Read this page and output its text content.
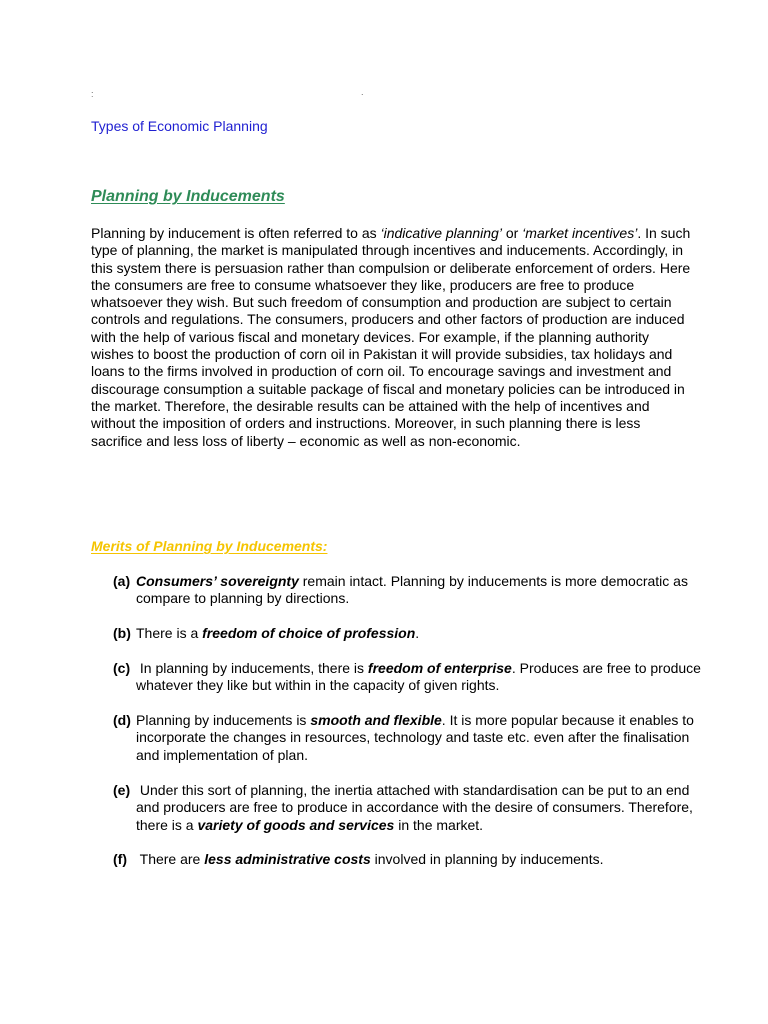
:	.
Types of Economic Planning
Planning by Inducements

Planning by inducement is often referred to as ‘indicative planning’ or ‘market incentives’. In such type of planning, the market is manipulated through incentives and inducements. Accordingly, in this system there is persuasion rather than compulsion or deliberate enforcement of orders. Here the consumers are free to consume whatsoever they like, producers are free to produce whatsoever they wish. But such freedom of consumption and production are subject to certain controls and regulations. The consumers, producers and other factors of production are induced with the help of various fiscal and monetary devices. For example, if the planning authority wishes to boost the production of corn oil in Pakistan it will provide subsidies, tax holidays and loans to the firms involved in production of corn oil. To encourage savings and investment and discourage consumption a suitable package of fiscal and monetary policies can be introduced in the market. Therefore, the desirable results can be attained with the help of incentives and without the imposition of orders and instructions. Moreover, in such planning there is less sacrifice and less loss of liberty – economic as well as non-economic.

Merits of Planning by Inducements:

(a) Consumers’ sovereignty remain intact. Planning by inducements is more democratic as compare to planning by directions.

(b) There is a freedom of choice of profession.

(c) In planning by inducements, there is freedom of enterprise. Produces are free to produce whatever they like but within in the capacity of given rights.

(d) Planning by inducements is smooth and flexible. It is more popular because it enables to incorporate the changes in resources, technology and taste etc. even after the finalisation and implementation of plan.

(e) Under this sort of planning, the inertia attached with standardisation can be put to an end and producers are free to produce in accordance with the desire of consumers. Therefore, there is a variety of goods and services in the market.

(f) There are less administrative costs involved in planning by inducements.
